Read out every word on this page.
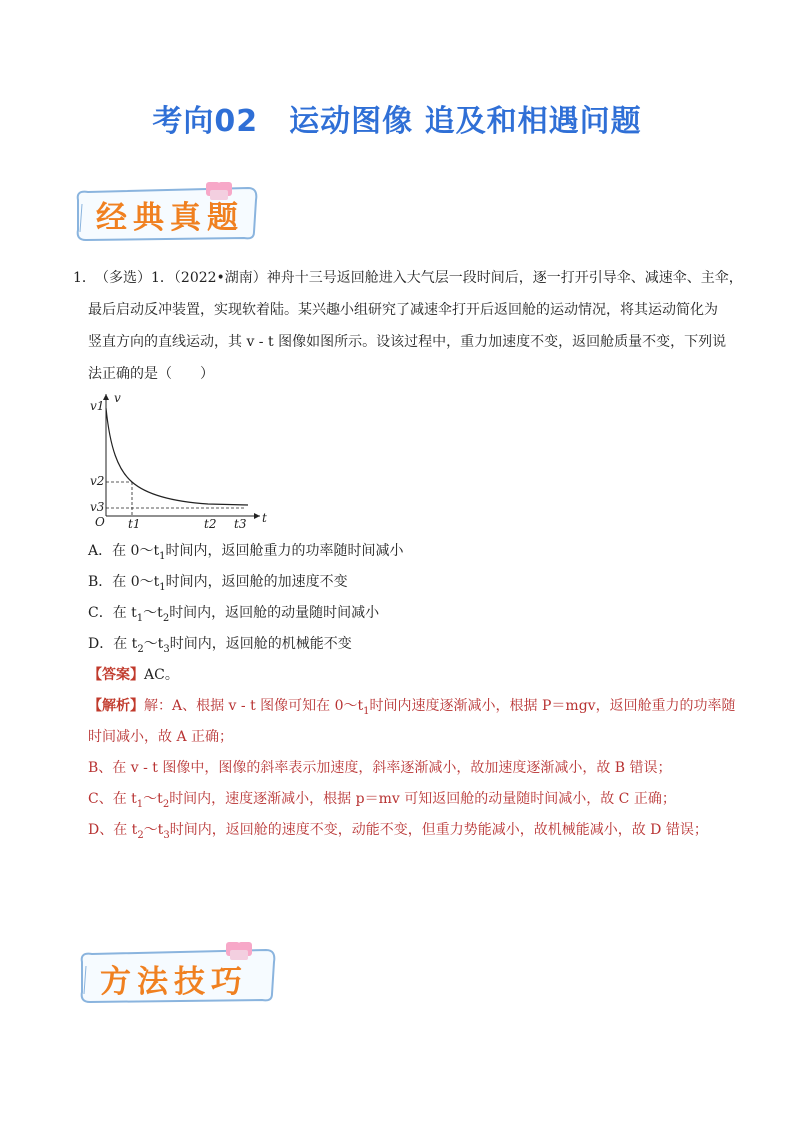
考向02　运动图像 追及和相遇问题
经典真题
1． （多选）1．（2022•湖南）神舟十三号返回舱进入大气层一段时间后，逐一打开引导伞、减速伞、主伞，
最后启动反冲装置，实现软着陆。某兴趣小组研究了减速伞打开后返回舱的运动情况，将其运动简化为
竖直方向的直线运动，其 v - t 图像如图所示。设该过程中，重力加速度不变，返回舱质量不变，下列说
法正确的是（　　）
v
t
O
v1
v2
v3
t1	t2 t3
A．在 $0\sim t_1$时间内，返回舱重力的功率随时间减小
B．在 $0\sim t_1$时间内，返回舱的加速度不变
C．在 $t_1\sim t_2$时间内，返回舱的动量随时间减小
D．在 $t_2\sim t_3$时间内，返回舱的机械能不变
【答案】AC。
【解析】解：A、根据 v - t 图像可知在 $0\sim t_1$时间内速度逐渐减小，根据 P＝mgv，返回舱重力的功率随
时间减小，故 A 正确；
B、在 v - t 图像中，图像的斜率表示加速度，斜率逐渐减小，故加速度逐渐减小，故 B 错误；
C、在 $t_1\sim t_2$时间内，速度逐渐减小，根据 p＝mv 可知返回舱的动量随时间减小，故 C 正确；
D、在 $t_2\sim t_3$时间内，返回舱的速度不变，动能不变，但重力势能减小，故机械能减小，故 D 错误；
方法技巧
